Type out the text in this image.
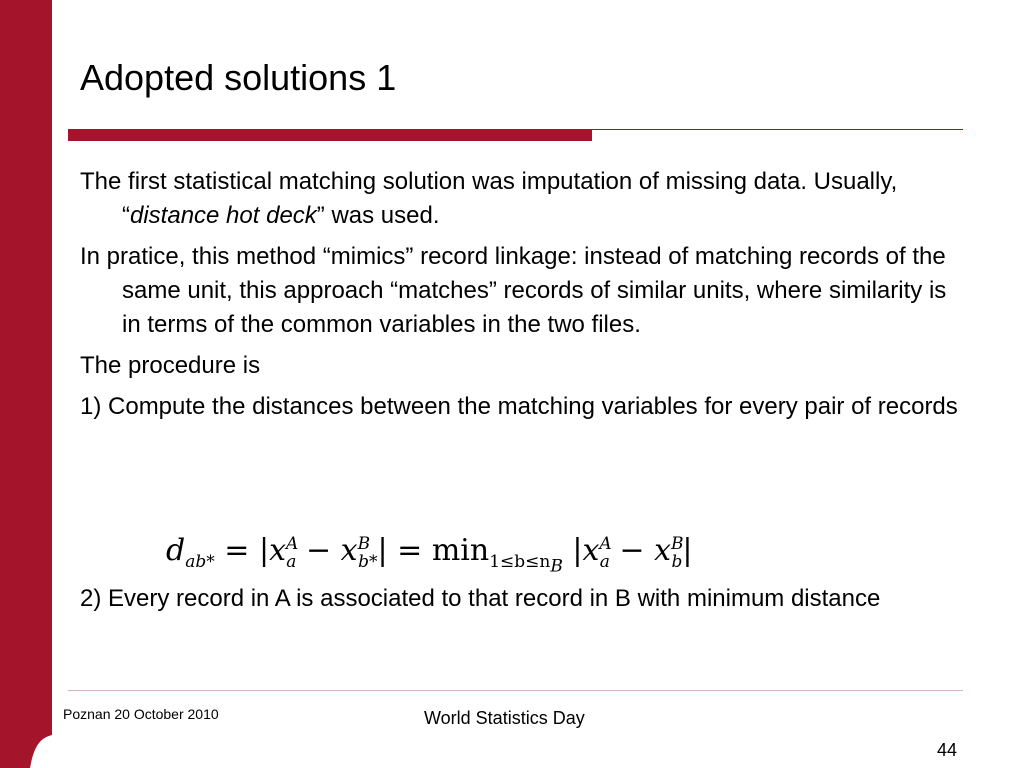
Adopted solutions 1

The first statistical matching solution was imputation of missing data. Usually, “distance hot deck” was used.

In pratice, this method “mimics” record linkage: instead of matching records of the same unit, this approach “matches” records of similar units, where similarity is in terms of the common variables in the two files.

The procedure is

1) Compute the distances between the matching variables for every pair of records

$d_{ab*} = |x^A_a - x^B_{b*}| = \min_{1\le b\le n_B} |x^A_a - x^B_b|$

2) Every record in A is associated to that record in B with minimum distance

Poznan 20 October 2010	World Statistics Day
44
